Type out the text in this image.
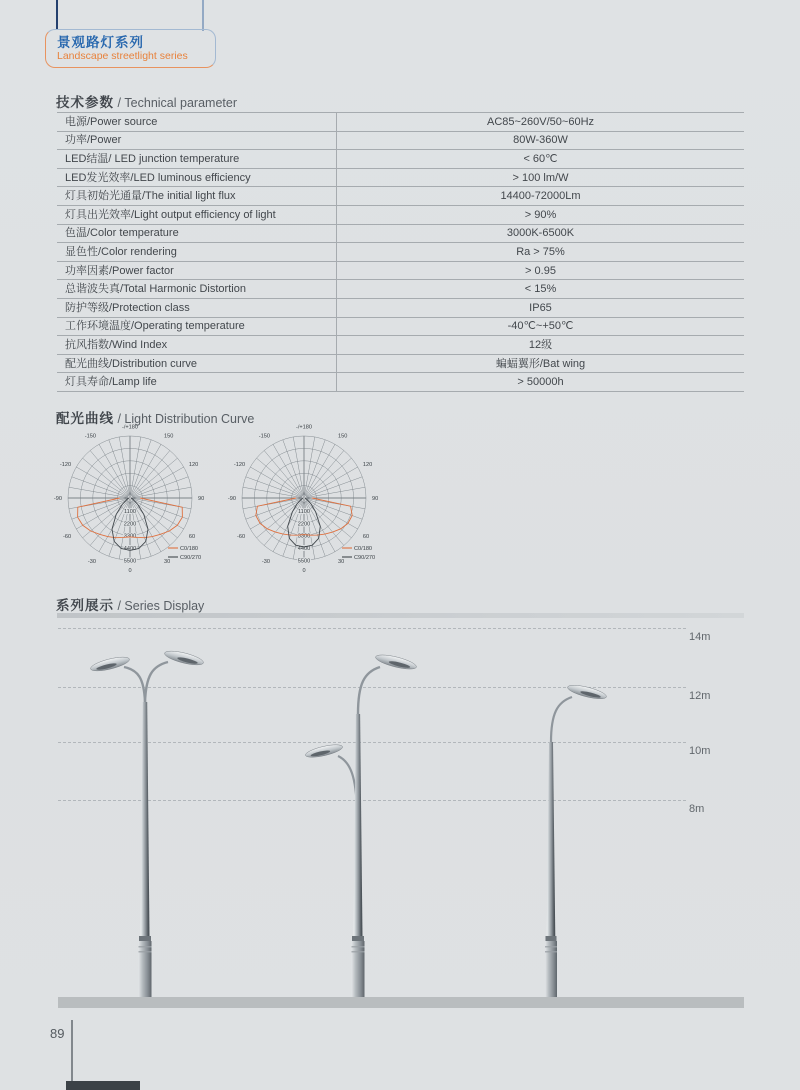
景观路灯系列
Landscape streetlight series
技术参数 / Technical parameter
电源/Power source	AC85~260V/50~60Hz
功率/Power	80W-360W
LED结温/ LED junction temperature	< 60℃
LED发光效率/LED luminous efficiency	> 100 lm/W
灯具初始光通量/The initial light flux	14400-72000Lm
灯具出光效率/Light output efficiency of light	> 90%
色温/Color temperature	3000K-6500K
显色性/Color rendering	Ra > 75%
功率因素/Power factor	> 0.95
总谐波失真/Total Harmonic Distortion	< 15%
防护等级/Protection class	IP65
工作环境温度/Operating temperature	-40℃~+50℃
抗风指数/Wind Index	12级
配光曲线/Distribution curve	蝙蝠翼形/Bat wing
灯具寿命/Lamp life	> 50000h
配光曲线 / Light Distribution Curve
-/+180
150
120
90
60
30
0
-30
-60
-90
-120
-150
0
1100
2200
3300
4400
5500
C0/180
C90/270
-/+180
150
120
90
60
30
0
-30
-60
-90
-120
-150
0
1100
2200
3300
4400
5500
C0/180
C90/270
系列展示 / Series Display
14m
12m
10m
8m
89
